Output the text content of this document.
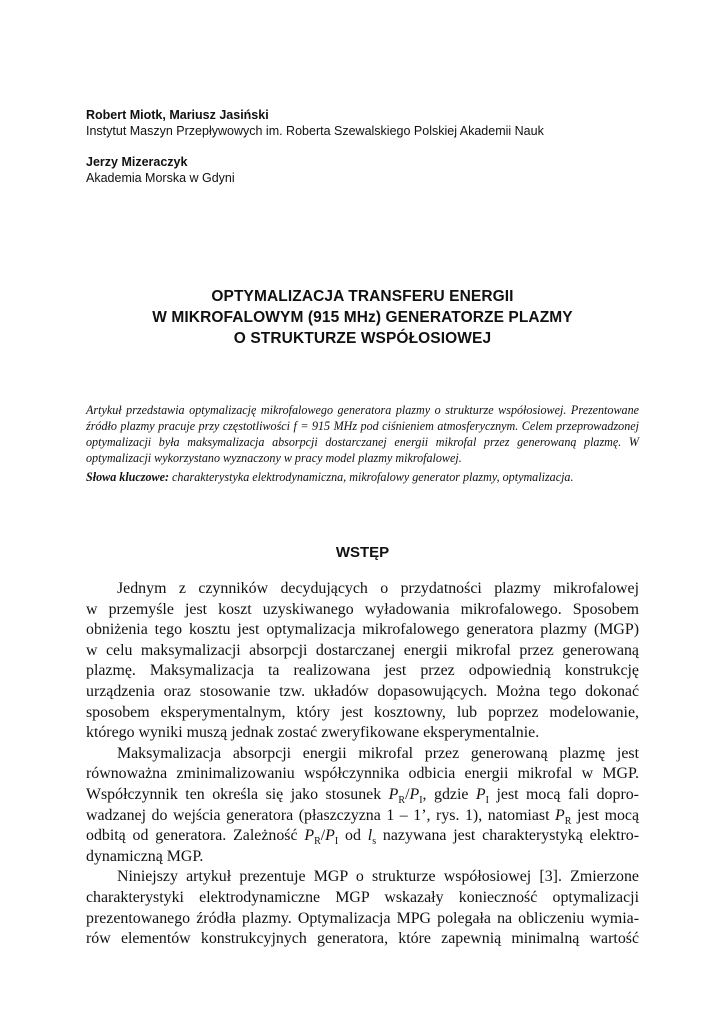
Robert Miotk, Mariusz Jasiński
Instytut Maszyn Przepływowych im. Roberta Szewalskiego Polskiej Akademii Nauk
Jerzy Mizeraczyk
Akademia Morska w Gdyni
OPTYMALIZACJA TRANSFERU ENERGII
W MIKROFALOWYM (915 MHz) GENERATORZE PLAZMY
O STRUKTURZE WSPÓŁOSIOWEJ

Artykuł przedstawia optymalizację mikrofalowego generatora plazmy o strukturze współosiowej. Prezentowane źródło plazmy pracuje przy częstotliwości f = 915 MHz pod ciśnieniem atmosferycznym. Celem przeprowadzonej optymalizacji była maksymalizacja absorpcji dostarczanej energii mikrofal przez generowaną plazmę. W optymalizacji wykorzystano wyznaczony w pracy model plazmy mikrofalowej.

Słowa kluczowe: charakterystyka elektrodynamiczna, mikrofalowy generator plazmy, optymalizacja.

WSTĘP
Jednym z czynników decydujących o przydatności plazmy mikrofalowej
w przemyśle jest koszt uzyskiwanego wyładowania mikrofalowego. Sposobem
obniżenia tego kosztu jest optymalizacja mikrofalowego generatora plazmy (MGP)
w celu maksymalizacji absorpcji dostarczanej energii mikrofal przez generowaną
plazmę. Maksymalizacja ta realizowana jest przez odpowiednią konstrukcję
urządzenia oraz stosowanie tzw. układów dopasowujących. Można tego dokonać
sposobem eksperymentalnym, który jest kosztowny, lub poprzez modelowanie,
którego wyniki muszą jednak zostać zweryfikowane eksperymentalnie.
Maksymalizacja absorpcji energii mikrofal przez generowaną plazmę jest
równoważna zminimalizowaniu współczynnika odbicia energii mikrofal w MGP.
Współczynnik ten określa się jako stosunek $P_R/P_I$, gdzie $P_I$ jest mocą fali dopro-
wadzanej do wejścia generatora (płaszczyzna 1 – 1’, rys. 1), natomiast $P_R$ jest mocą
odbitą od generatora. Zależność $P_R/P_I$ od $l_s$ nazywana jest charakterystyką elektro-
dynamiczną MGP.
Niniejszy artykuł prezentuje MGP o strukturze współosiowej [3]. Zmierzone
charakterystyki elektrodynamiczne MGP wskazały konieczność optymalizacji
prezentowanego źródła plazmy. Optymalizacja MPG polegała na obliczeniu wymia-
rów elementów konstrukcyjnych generatora, które zapewnią minimalną wartość
